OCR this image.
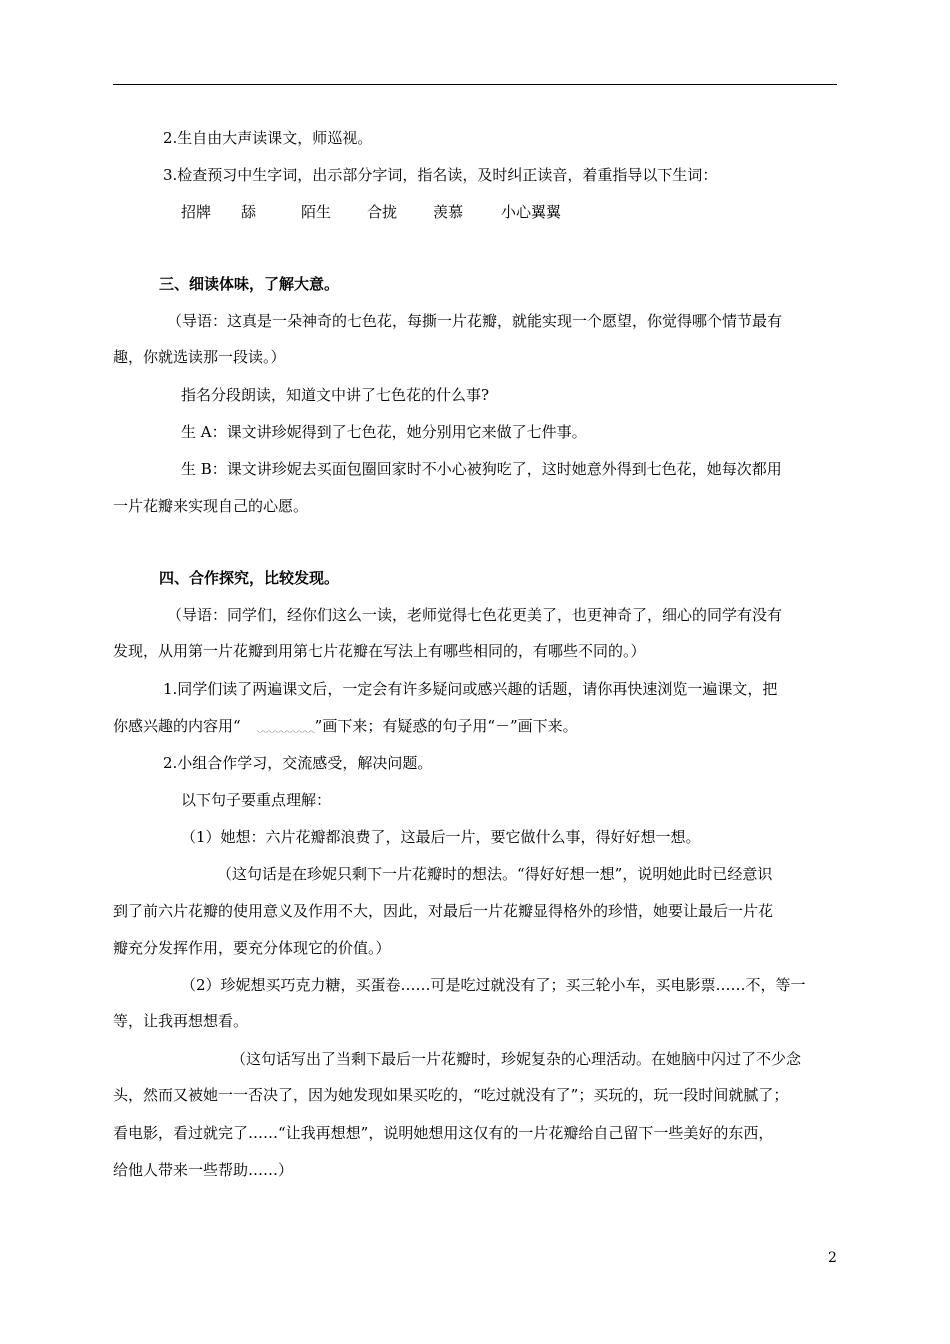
2.生自由大声读课文，师巡视。
3.检查预习中生字词，出示部分字词，指名读，及时纠正读音，着重指导以下生词：
招牌 舔	陌生 合拢 羡慕	小心翼翼
三、细读体味，了解大意。
（导语：这真是一朵神奇的七色花，每撕一片花瓣，就能实现一个愿望，你觉得哪个情节最有
趣，你就选读那一段读。）
指名分段朗读，知道文中讲了七色花的什么事?
生 A：课文讲珍妮得到了七色花，她分别用它来做了七件事。
生 B：课文讲珍妮去买面包圈回家时不小心被狗吃了，这时她意外得到七色花，她每次都用
一片花瓣来实现自己的心愿。
四、合作探究，比较发现。
（导语：同学们，经你们这么一读，老师觉得七色花更美了，也更神奇了，细心的同学有没有
发现，从用第一片花瓣到用第七片花瓣在写法上有哪些相同的，有哪些不同的。）
1.同学们读了两遍课文后，一定会有许多疑问或感兴趣的话题，请你再快速浏览一遍课文，把
你感兴趣的内容用“	”画下来；有疑惑的句子用“－”画下来。
2.小组合作学习，交流感受，解决问题。
以下句子要重点理解：
（1）她想：六片花瓣都浪费了，这最后一片，要它做什么事，得好好想一想。
（这句话是在珍妮只剩下一片花瓣时的想法。“得好好想一想”，说明她此时已经意识
到了前六片花瓣的使用意义及作用不大，因此，对最后一片花瓣显得格外的珍惜，她要让最后一片花
瓣充分发挥作用，要充分体现它的价值。）
（2）珍妮想买巧克力糖，买蛋卷……可是吃过就没有了；买三轮小车，买电影票……不，等一
等，让我再想想看。
（这句话写出了当剩下最后一片花瓣时，珍妮复杂的心理活动。在她脑中闪过了不少念
头，然而又被她一一否决了，因为她发现如果买吃的，“吃过就没有了”；买玩的，玩一段时间就腻了；
看电影，看过就完了……“让我再想想”，说明她想用这仅有的一片花瓣给自己留下一些美好的东西，
给他人带来一些帮助……）
2
